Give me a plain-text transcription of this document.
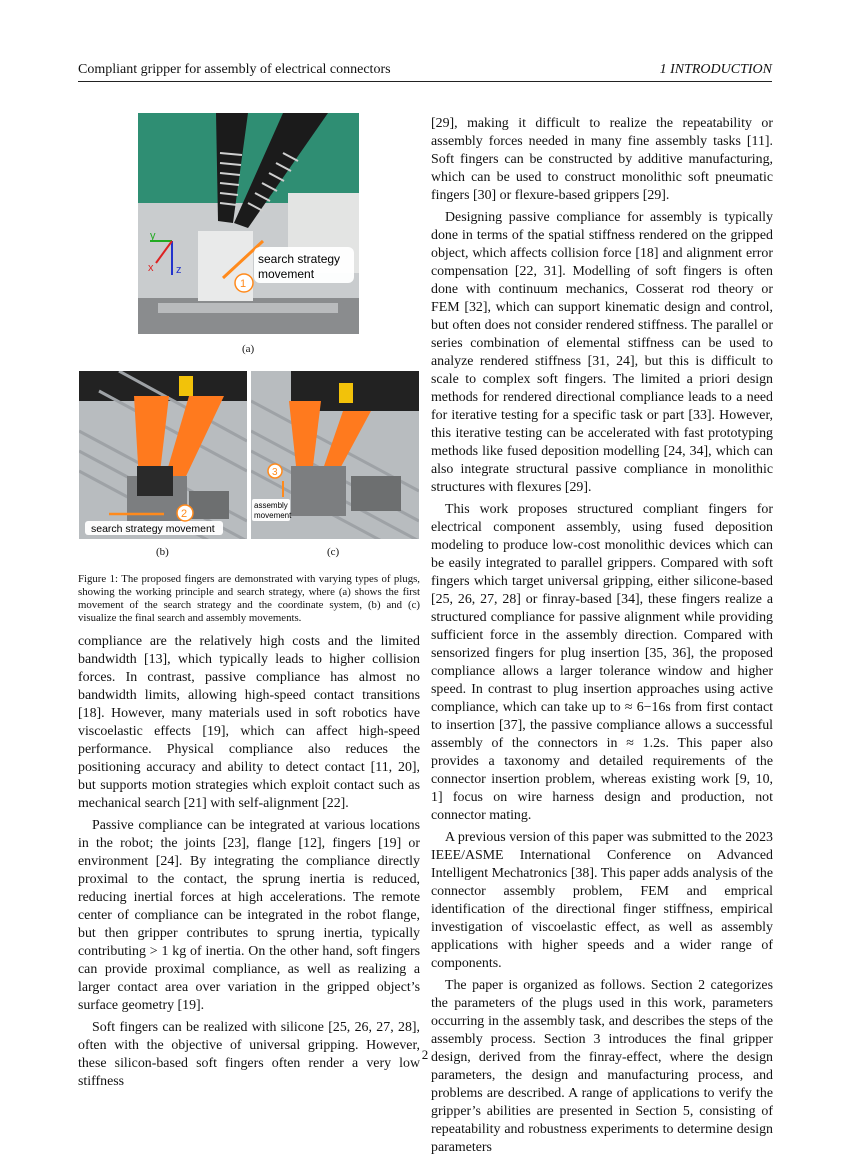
Compliant gripper for assembly of electrical connectors	1 INTRODUCTION
y
x z
search strategy
movement
1
(a)
search strategy movement
2
(b)
assembly
movement
3
(c)
Figure 1: The proposed fingers are demonstrated with varying types of plugs, showing the working principle and search strategy, where (a) shows the first movement of the search strategy and the coordinate system, (b) and (c) visualize the final search and assembly movements.

compliance are the relatively high costs and the limited bandwidth [13], which typically leads to higher collision forces. In contrast, passive compliance has almost no bandwidth limits, allowing high-speed contact transitions [18]. However, many materials used in soft robotics have viscoelastic effects [19], which can affect high-speed performance. Physical compliance also reduces the positioning accuracy and ability to detect contact [11, 20], but supports motion strategies which exploit contact such as mechanical search [21] with self-alignment [22].

Passive compliance can be integrated at various locations in the robot; the joints [23], flange [12], fingers [19] or environment [24]. By integrating the compliance directly proximal to the contact, the sprung inertia is reduced, reducing inertial forces at high accelerations. The remote center of compliance can be integrated in the robot flange, but then gripper contributes to sprung inertia, typically contributing > 1 kg of inertia. On the other hand, soft fingers can provide proximal compliance, as well as realizing a larger contact area over variation in the gripped object’s surface geometry [19].

Soft fingers can be realized with silicone [25, 26, 27, 28], often with the objective of universal gripping. However, these silicon-based soft fingers often render a very low stiffness

[29], making it difficult to realize the repeatability or assembly forces needed in many fine assembly tasks [11]. Soft fingers can be constructed by additive manufacturing, which can be used to construct monolithic soft pneumatic fingers [30] or flexure-based grippers [29].

Designing passive compliance for assembly is typically done in terms of the spatial stiffness rendered on the gripped object, which affects collision force [18] and alignment error compensation [22, 31]. Modelling of soft fingers is often done with continuum mechanics, Cosserat rod theory or FEM [32], which can support kinematic design and control, but often does not consider rendered stiffness. The parallel or series combination of elemental stiffness can be used to analyze rendered stiffness [31, 24], but this is difficult to scale to complex soft fingers. The limited a priori design methods for rendered directional compliance leads to a need for iterative testing for a specific task or part [33]. However, this iterative testing can be accelerated with fast prototyping methods like fused deposition modelling [24, 34], which can also integrate structural passive compliance in monolithic structures with flexures [29].

This work proposes structured compliant fingers for electrical component assembly, using fused deposition modeling to produce low-cost monolithic devices which can be easily integrated to parallel grippers. Compared with soft fingers which target universal gripping, either silicone-based [25, 26, 27, 28] or finray-based [34], these fingers realize a structured compliance for passive alignment while providing sufficient force in the assembly direction. Compared with sensorized fingers for plug insertion [35, 36], the proposed compliance allows a larger tolerance window and higher speed. In contrast to plug insertion approaches using active compliance, which can take up to ≈ 6−16s from first contact to insertion [37], the passive compliance allows a successful assembly of the connectors in ≈ 1.2s. This paper also provides a taxonomy and detailed requirements of the connector insertion problem, whereas existing work [9, 10, 1] focus on wire harness design and production, not connector mating.

A previous version of this paper was submitted to the 2023 IEEE/ASME International Conference on Advanced Intelligent Mechatronics [38]. This paper adds analysis of the connector assembly problem, FEM and emprical identification of the directional finger stiffness, empirical investigation of viscoelastic effect, as well as assembly applications with higher speeds and a wider range of components.

The paper is organized as follows. Section 2 categorizes the parameters of the plugs used in this work, parameters occurring in the assembly task, and describes the steps of the assembly process. Section 3 introduces the final gripper design, derived from the finray-effect, where the design parameters, the design and manufacturing process, and problems are described. A range of applications to verify the gripper’s abilities are presented in Section 5, consisting of repeatability and robustness experiments to determine design parameters

2
